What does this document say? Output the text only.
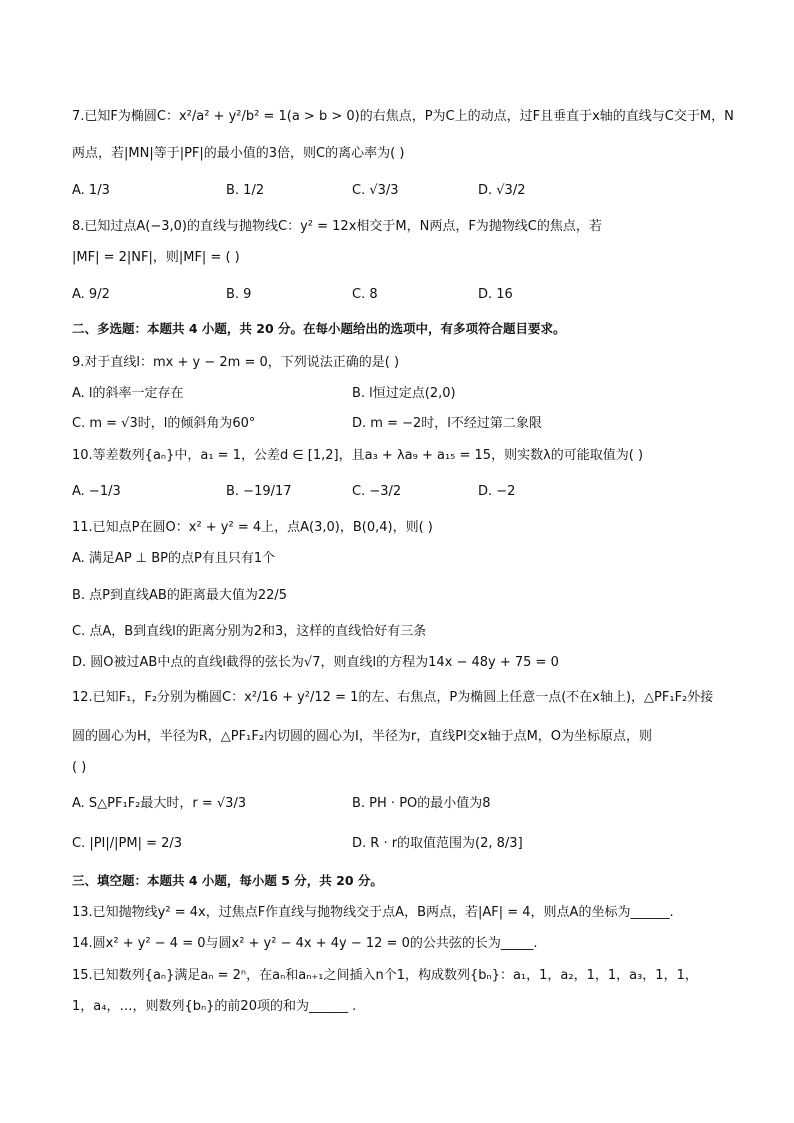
7.已知F为椭圆C：x²/a² + y²/b² = 1(a > b > 0)的右焦点，P为C上的动点，过F且垂直于x轴的直线与C交于M，N
两点，若|MN|等于|PF|的最小值的3倍，则C的离心率为( )
A. 1/3	B. 1/2	C. √3/3	D. √3/2
8.已知过点A(−3,0)的直线与抛物线C：y² = 12x相交于M，N两点，F为抛物线C的焦点，若
|MF| = 2|NF|，则|MF| = ( )
A. 9/2	B. 9	C. 8	D. 16
二、多选题：本题共 4 小题，共 20 分。在每小题给出的选项中，有多项符合题目要求。
9.对于直线l：mx + y − 2m = 0，下列说法正确的是( )
A. l的斜率一定存在	B. l恒过定点(2,0)
C. m = √3时，l的倾斜角为60°	D. m = −2时，l不经过第二象限
10.等差数列{aₙ}中，a₁ = 1，公差d ∈ [1,2]，且a₃ + λa₉ + a₁₅ = 15，则实数λ的可能取值为( )
A. −1/3	B. −19/17	C. −3/2	D. −2
11.已知点P在圆O：x² + y² = 4上，点A(3,0)，B(0,4)，则( )
A. 满足AP ⊥ BP的点P有且只有1个
B. 点P到直线AB的距离最大值为22/5
C. 点A，B到直线l的距离分别为2和3，这样的直线恰好有三条
D. 圆O被过AB中点的直线l截得的弦长为√7，则直线l的方程为14x − 48y + 75 = 0
12.已知F₁，F₂分别为椭圆C：x²/16 + y²/12 = 1的左、右焦点，P为椭圆上任意一点(不在x轴上)，△PF₁F₂外接
圆的圆心为H，半径为R，△PF₁F₂内切圆的圆心为I，半径为r，直线PI交x轴于点M，O为坐标原点，则
( )
A. S△PF₁F₂最大时，r = √3/3	B. PH · PO的最小值为8
C. |PI|/|PM| = 2/3	D. R · r的取值范围为(2, 8/3]
三、填空题：本题共 4 小题，每小题 5 分，共 20 分。
13.已知抛物线y² = 4x，过焦点F作直线与抛物线交于点A，B两点，若|AF| = 4，则点A的坐标为______.
14.圆x² + y² − 4 = 0与圆x² + y² − 4x + 4y − 12 = 0的公共弦的长为_____.
15.已知数列{aₙ}满足aₙ = 2ⁿ，在aₙ和aₙ₊₁之间插入n个1，构成数列{bₙ}：a₁，1，a₂，1，1，a₃，1，1，
1，a₄，…，则数列{bₙ}的前20项的和为______ .
